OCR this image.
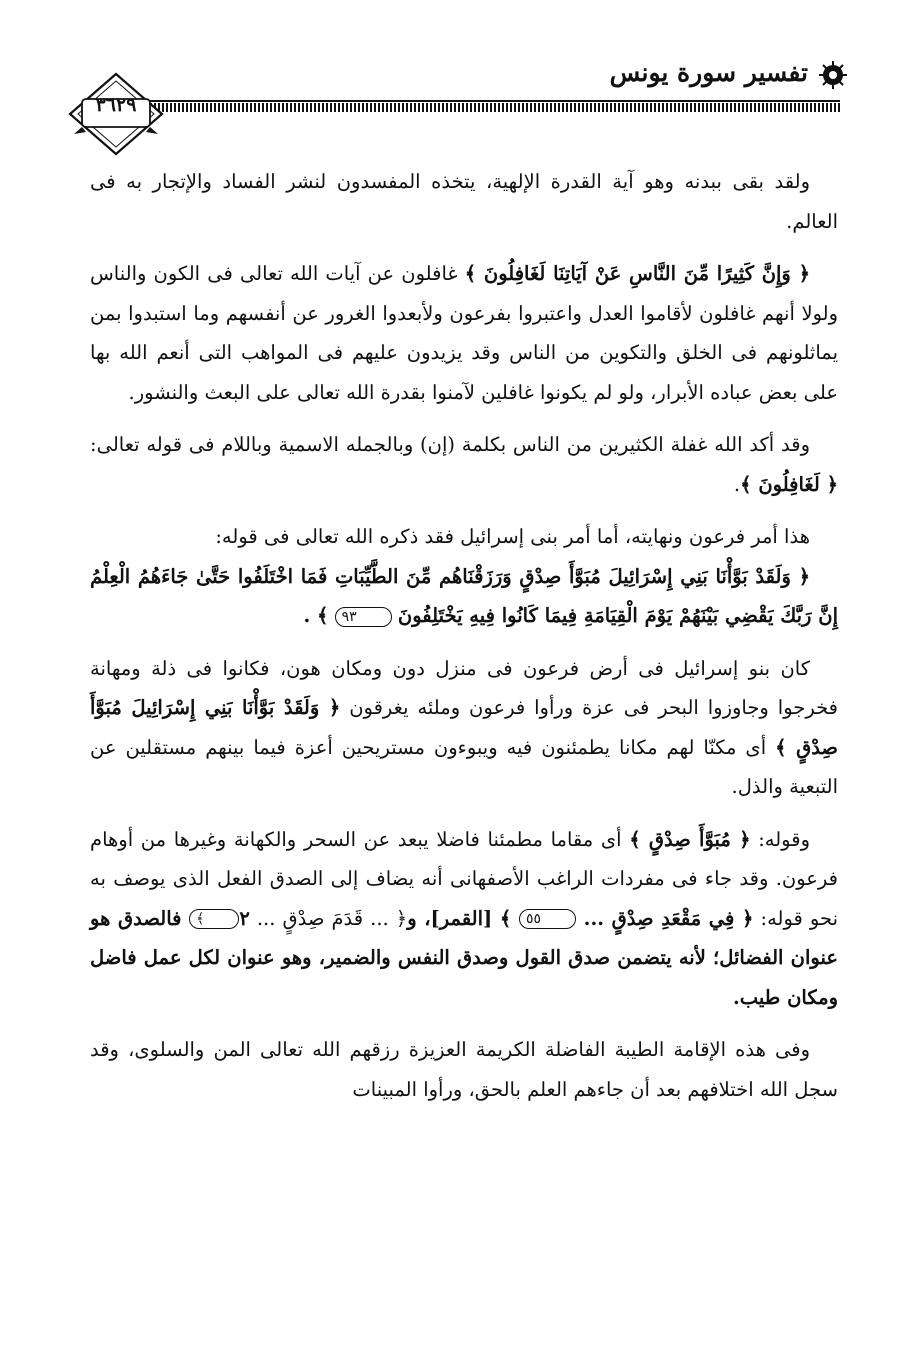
تفسير سورة يونس
٣٦٢٩

ولقد بقى ببدنه وهو آية القدرة الإلهية، يتخذه المفسدون لنشر الفساد والإتجار به فى العالم.

﴿ وَإِنَّ كَثِيرًا مِّنَ النَّاسِ عَنْ آيَاتِنَا لَغَافِلُونَ ﴾ غافلون عن آيات الله تعالى فى الكون والناس ولولا أنهم غافلون لأقاموا العدل واعتبروا بفرعون ولأبعدوا الغرور عن أنفسهم وما استبدوا بمن يماثلونهم فى الخلق والتكوين من الناس وقد يزيدون عليهم فى المواهب التى أنعم الله بها على بعض عباده الأبرار، ولو لم يكونوا غافلين لآمنوا بقدرة الله تعالى على البعث والنشور.

وقد أكد الله غفلة الكثيرين من الناس بكلمة (إن) وبالجمله الاسمية وباللام فى قوله تعالى: ﴿ لَغَافِلُونَ ﴾.

هذا أمر فرعون ونهايته، أما أمر بنى إسرائيل فقد ذكره الله تعالى فى قوله:

﴿ وَلَقَدْ بَوَّأْنَا بَنِي إِسْرَائِيلَ مُبَوَّأَ صِدْقٍ وَرَزَقْنَاهُم مِّنَ الطَّيِّبَاتِ فَمَا اخْتَلَفُوا حَتَّىٰ جَاءَهُمُ الْعِلْمُ إِنَّ رَبَّكَ يَقْضِي بَيْنَهُمْ يَوْمَ الْقِيَامَةِ فِيمَا كَانُوا فِيهِ يَخْتَلِفُونَ ٩٣ ﴾ .

كان بنو إسرائيل فى أرض فرعون فى منزل دون ومكان هون، فكانوا فى ذلة ومهانة فخرجوا وجاوزوا البحر فى عزة ورأوا فرعون وملئه يغرقون ﴿ وَلَقَدْ بَوَّأْنَا بَنِي إِسْرَائِيلَ مُبَوَّأَ صِدْقٍ ﴾ أى مكنّا لهم مكانا يطمئنون فيه ويبوءون مستريحين أعزة فيما بينهم مستقلين عن التبعية والذل.

وقوله: ﴿ مُبَوَّأَ صِدْقٍ ﴾ أى مقاما مطمئنا فاضلا يبعد عن السحر والكهانة وغيرها من أوهام فرعون. وقد جاء فى مفردات الراغب الأصفهانى أنه يضاف إلى الصدق الفعل الذى يوصف به نحو قوله: ﴿ فِي مَقْعَدِ صِدْقٍ ... ٥٥ ﴾ [القمر]، و﴿ ... قَدَمَ صِدْقٍ ... ٢﴾ فالصدق هو عنوان الفضائل؛ لأنه يتضمن صدق القول وصدق النفس والضمير، وهو عنوان لكل عمل فاضل ومكان طيب.

وفى هذه الإقامة الطيبة الفاضلة الكريمة العزيزة رزقهم الله تعالى المن والسلوى، وقد سجل الله اختلافهم بعد أن جاءهم العلم بالحق، ورأوا المبينات
